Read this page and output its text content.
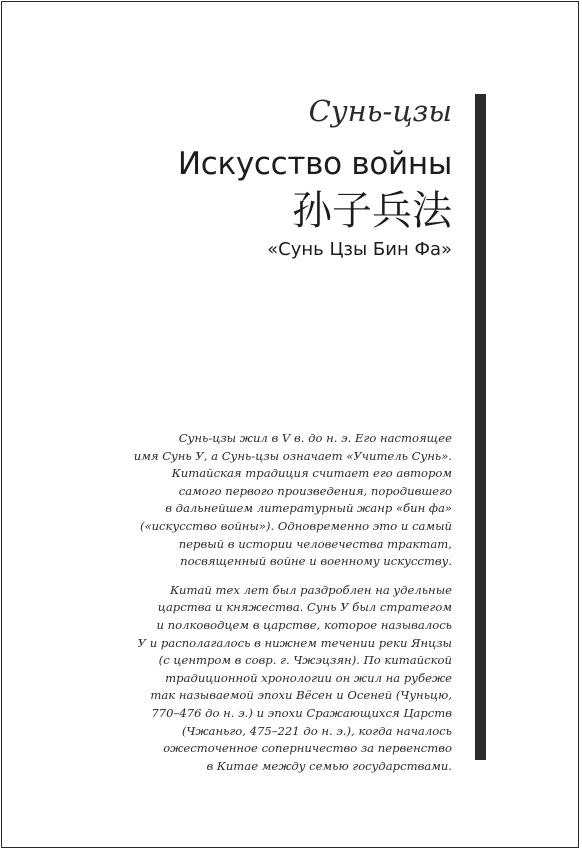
Сунь-цзы
Искусство войны
孙子兵法
«Сунь Цзы Бин Фа»

Сунь-цзы жил в V в. до н. э. Его настоящее
имя Сунь У, а Сунь-цзы означает «Учитель Сунь».
Китайская традиция считает его автором
самого первого произведения, породившего
в дальнейшем литературный жанр «бин фа»
(«искусство войны»). Одновременно это и самый
первый в истории человечества трактат,
посвященный войне и военному искусству.

Китай тех лет был раздроблен на удельные
царства и княжества. Сунь У был стратегом
и полководцем в царстве, которое называлось
У и располагалось в нижнем течении реки Янцзы
(с центром в совр. г. Чжэцзян). По китайской
традиционной хронологии он жил на рубеже
так называемой эпохи Вёсен и Осеней (Чуньцю,
770–476 до н. э.) и эпохи Сражающихся Царств
(Чжаньго, 475–221 до н. э.), когда началось
ожесточенное соперничество за первенство
в Китае между семью государствами.
